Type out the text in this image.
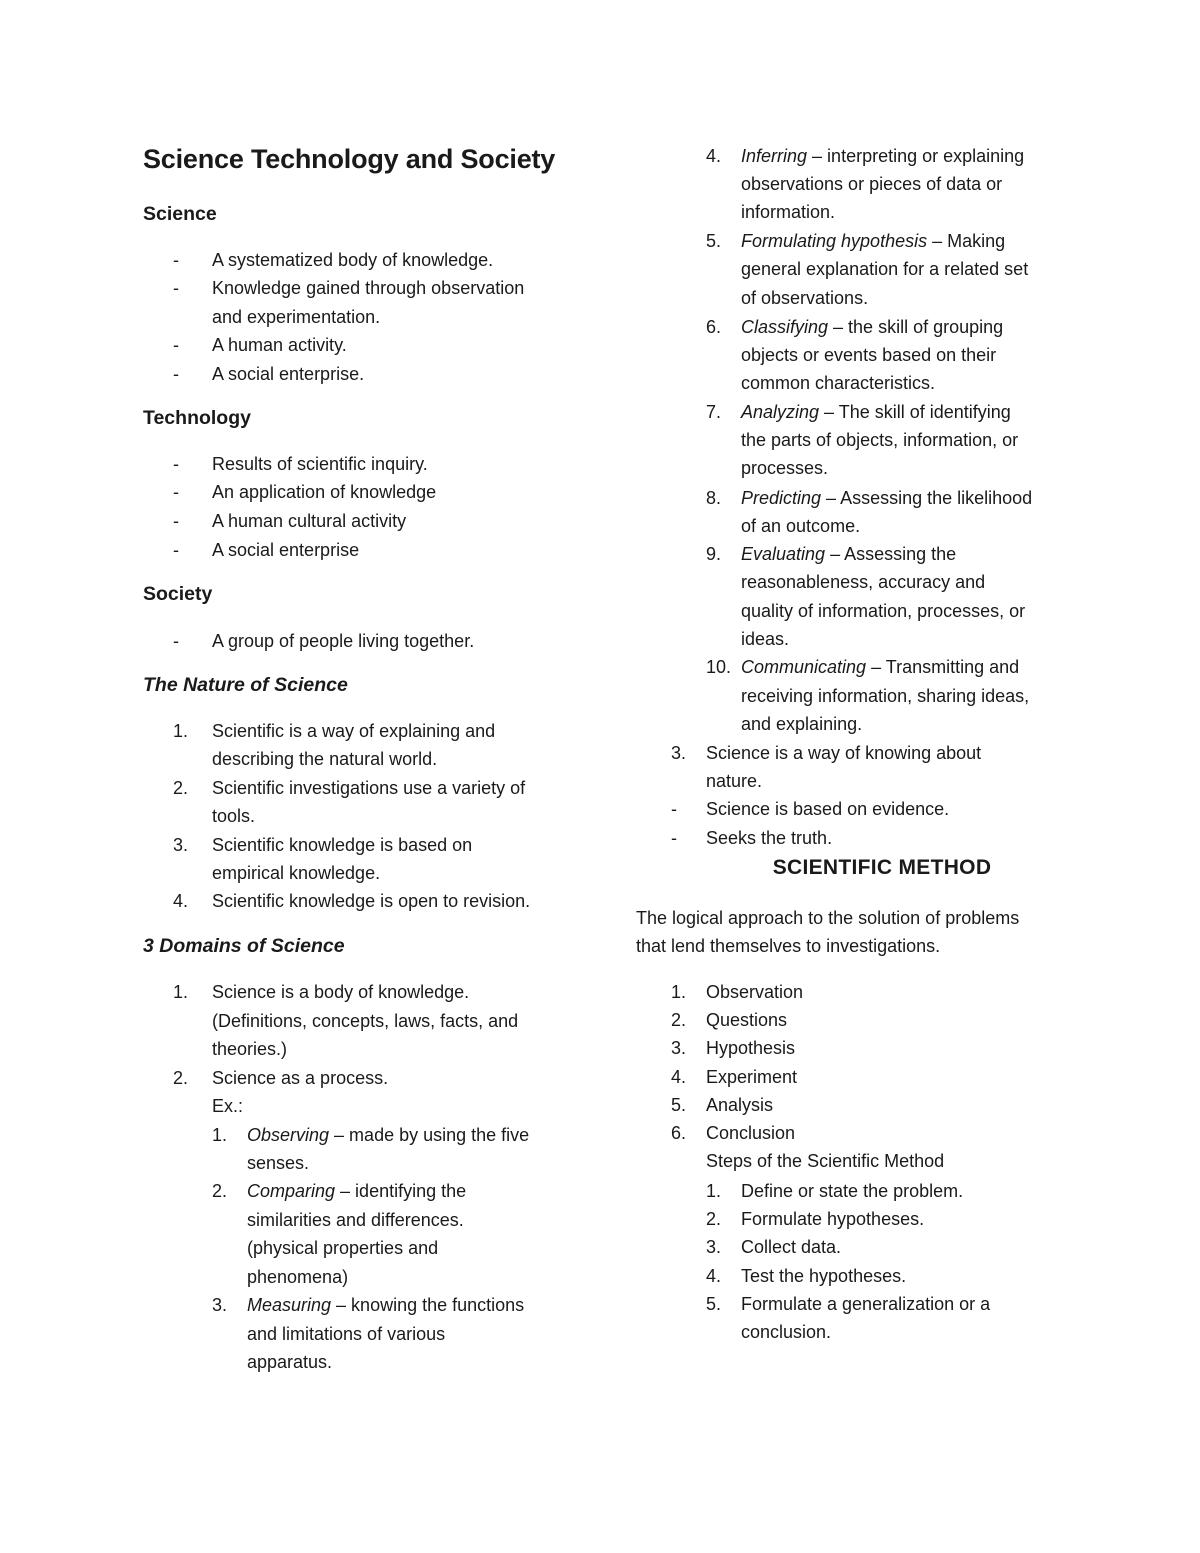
Science Technology and Society
Science
- A systematized body of knowledge.

- Knowledge gained through observation

and experimentation.

- A human activity.

- A social enterprise.

Technology
- Results of scientific inquiry.

- An application of knowledge

- A human cultural activity

- A social enterprise

Society
- A group of people living together.

The Nature of Science
1. Scientific is a way of explaining and

describing the natural world.

2. Scientific investigations use a variety of

tools.

3. Scientific knowledge is based on

empirical knowledge.

4. Scientific knowledge is open to revision.

3 Domains of Science
1. Science is a body of knowledge.

(Definitions, concepts, laws, facts, and

theories.)

2. Science as a process.

Ex.:

1. Observing – made by using the five

senses.

2. Comparing – identifying the

similarities and differences.

(physical properties and

phenomena)

3. Measuring – knowing the functions

and limitations of various

apparatus.

4. Inferring – interpreting or explaining

observations or pieces of data or

information.

5. Formulating hypothesis – Making

general explanation for a related set

of observations.

6. Classifying – the skill of grouping

objects or events based on their

common characteristics.

7. Analyzing – The skill of identifying

the parts of objects, information, or

processes.

8. Predicting – Assessing the likelihood

of an outcome.

9. Evaluating – Assessing the

reasonableness, accuracy and

quality of information, processes, or

ideas.

10. Communicating – Transmitting and

receiving information, sharing ideas,

and explaining.

3. Science is a way of knowing about

nature.

- Science is based on evidence.

- Seeks the truth.

SCIENTIFIC METHOD

The logical approach to the solution of problems

that lend themselves to investigations.

1. Observation

2. Questions

3. Hypothesis

4. Experiment

5. Analysis

6. Conclusion

Steps of the Scientific Method

1. Define or state the problem.

2. Formulate hypotheses.

3. Collect data.

4. Test the hypotheses.

5. Formulate a generalization or a

conclusion.
